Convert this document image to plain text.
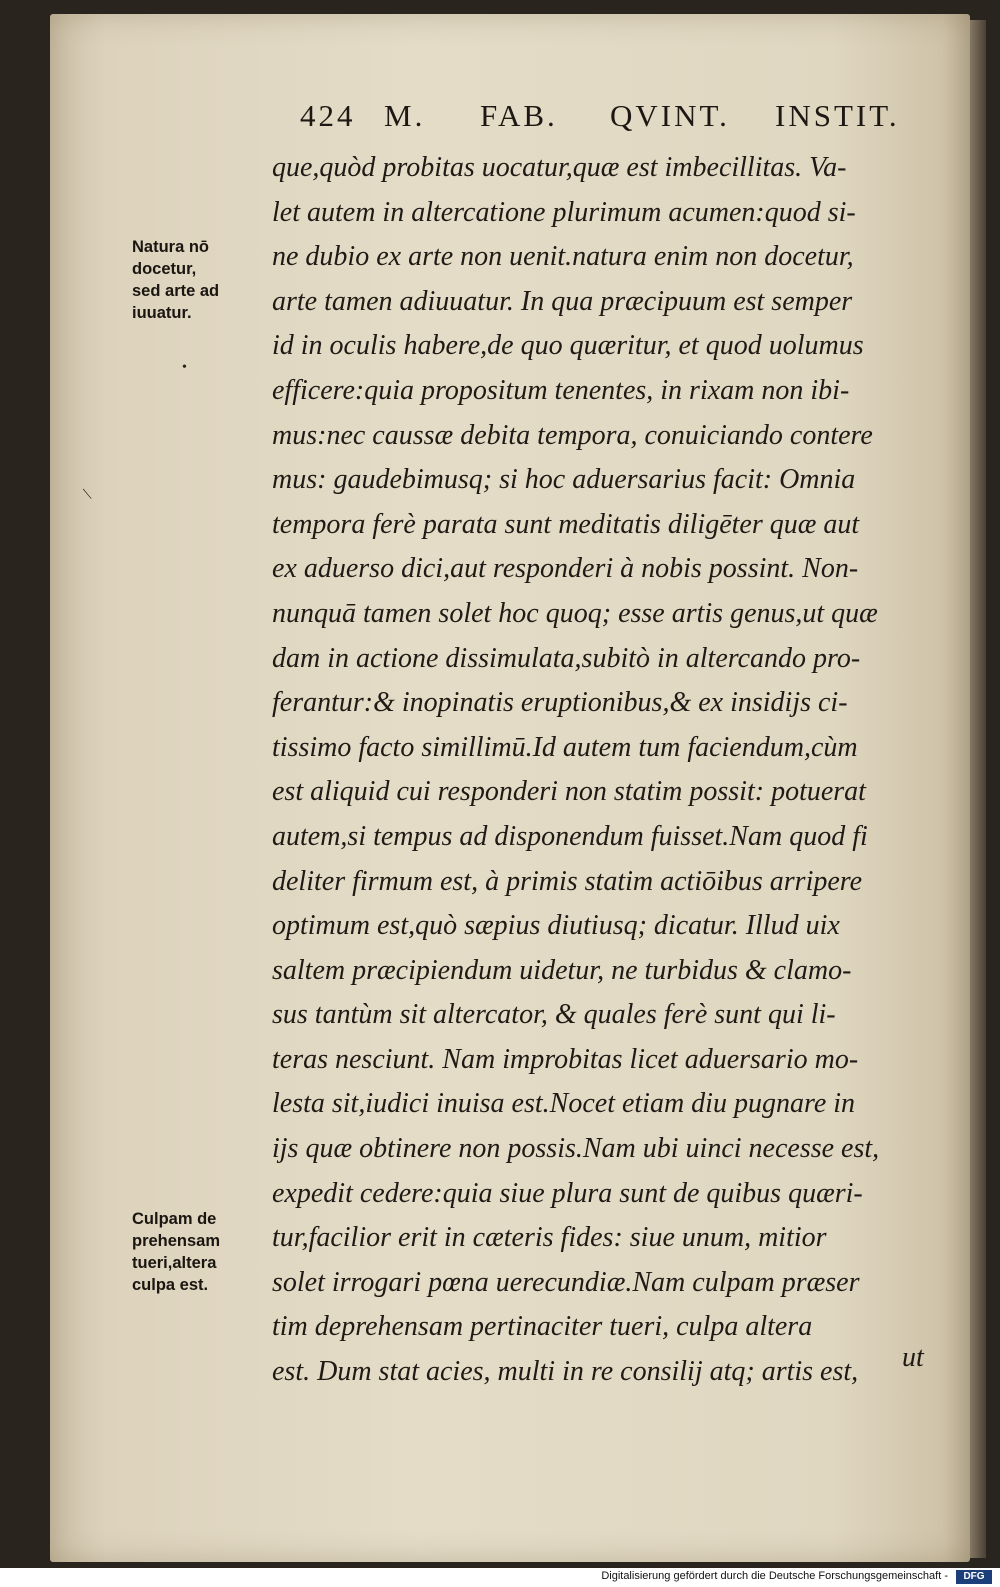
424 M. FAB. QVINT. INSTIT.
Natura nō
docetur,
sed arte ad
iuuatur.
Culpam de
prehensam
tueri,altera
culpa est.
que,quòd probitas uocatur,quæ est imbecillitas. Va-
let autem in altercatione plurimum acumen:quod si-
ne dubio ex arte non uenit.natura enim non docetur,
arte tamen adiuuatur. In qua præcipuum est semper
id in oculis habere,de quo quæritur, et quod uolumus
efficere:quia propositum tenentes, in rixam non ibi-
mus:nec caussæ debita tempora, conuiciando contere
mus: gaudebimusq; si hoc aduersarius facit: Omnia
tempora ferè parata sunt meditatis diligēter quæ aut
ex aduerso dici,aut responderi à nobis possint. Non-
nunquā tamen solet hoc quoq; esse artis genus,ut quæ
dam in actione dissimulata,subitò in altercando pro-
ferantur:& inopinatis eruptionibus,& ex insidijs ci-
tissimo facto simillimū.Id autem tum faciendum,cùm
est aliquid cui responderi non statim possit: potuerat
autem,si tempus ad disponendum fuisset.Nam quod fi
deliter firmum est, à primis statim actiōibus arripere
optimum est,quò sæpius diutiusq; dicatur. Illud uix
saltem præcipiendum uidetur, ne turbidus & clamo-
sus tantùm sit altercator, & quales ferè sunt qui li-
teras nesciunt. Nam improbitas licet aduersario mo-
lesta sit,iudici inuisa est.Nocet etiam diu pugnare in
ijs quæ obtinere non possis.Nam ubi uinci necesse est,
expedit cedere:quia siue plura sunt de quibus quæri-
tur,facilior erit in cæteris fides: siue unum, mitior
solet irrogari pœna uerecundiæ.Nam culpam præser
tim deprehensam pertinaciter tueri, culpa altera
est. Dum stat acies, multi in re consilij atq; artis est,	ut
•
|
Digitalisierung gefördert durch die Deutsche Forschungsgemeinschaft -	DFG
